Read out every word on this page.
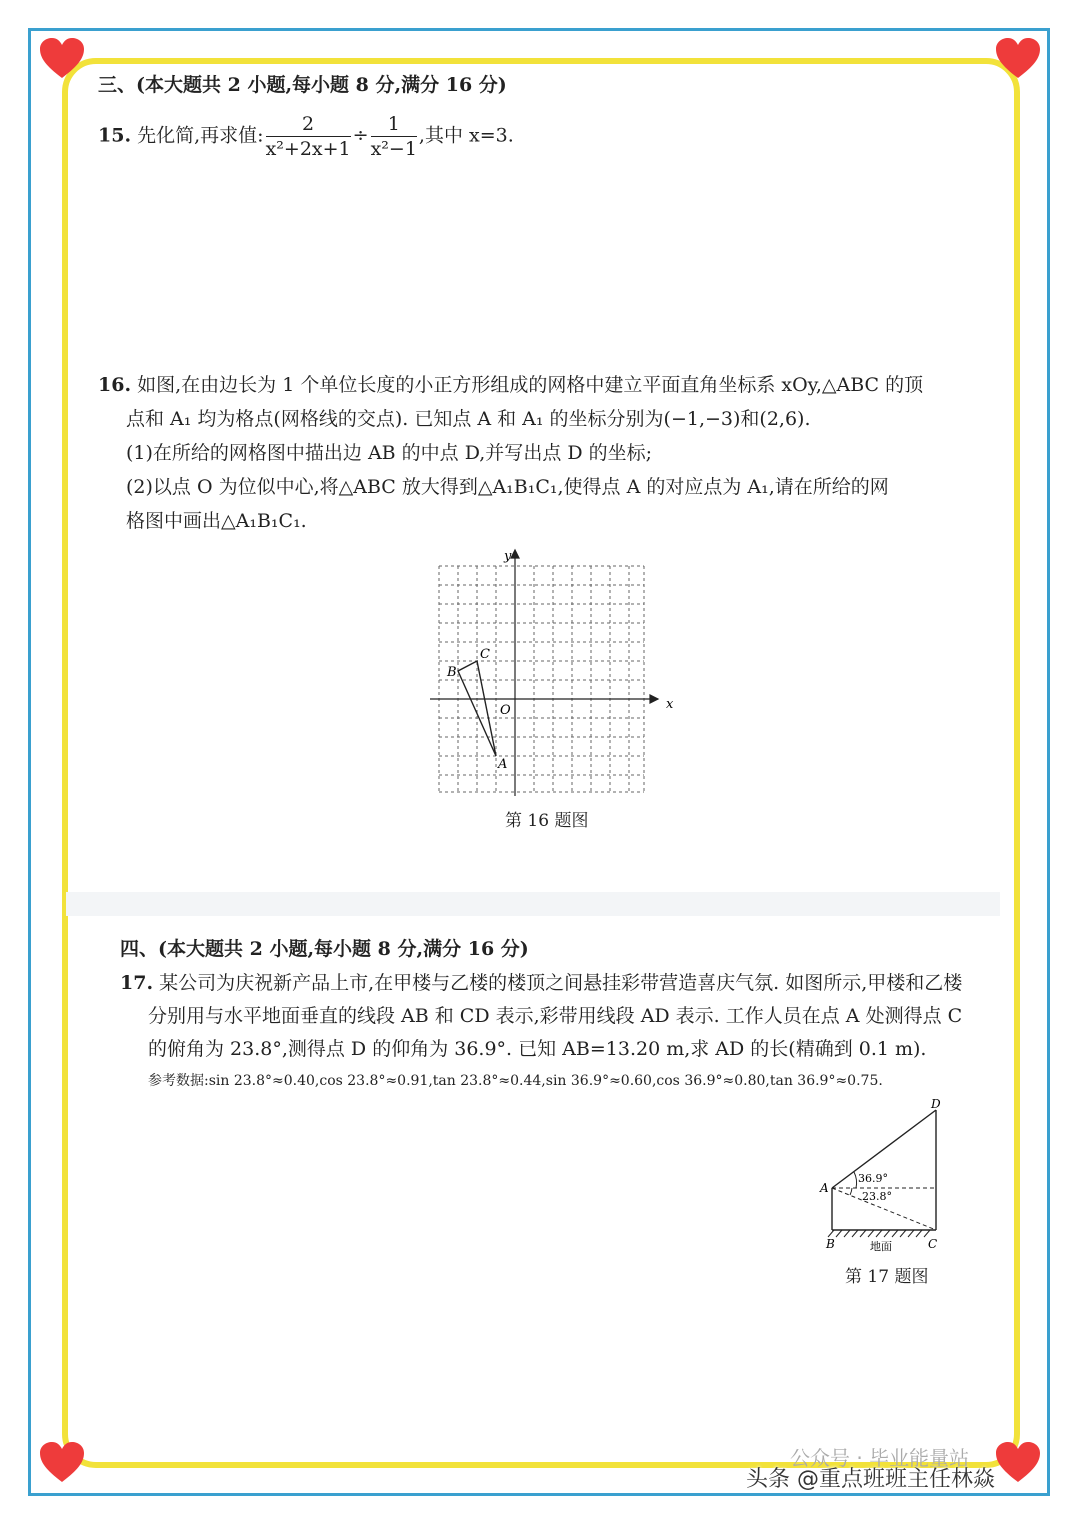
三、(本大题共 2 小题,每小题 8 分,满分 16 分)
15. 先化简,再求值: $\frac{2}{\text{x²+2x+1}} \div \frac{1}{\text{x²−1}}$ ,其中 x=3.
16. 如图,在由边长为 1 个单位长度的小正方形组成的网格中建立平面直角坐标系 xOy,△ABC 的顶
点和 A₁ 均为格点(网格线的交点). 已知点 A 和 A₁ 的坐标分别为(−1,−3)和(2,6).
(1)在所给的网格图中描出边 AB 的中点 D,并写出点 D 的坐标;
(2)以点 O 为位似中心,将△ABC 放大得到△A₁B₁C₁,使得点 A 的对应点为 A₁,请在所给的网
格图中画出△A₁B₁C₁.
x
y
O
A
B
C
第 16 题图
四、(本大题共 2 小题,每小题 8 分,满分 16 分)
17. 某公司为庆祝新产品上市,在甲楼与乙楼的楼顶之间悬挂彩带营造喜庆气氛. 如图所示,甲楼和乙楼
分别用与水平地面垂直的线段 AB 和 CD 表示,彩带用线段 AD 表示. 工作人员在点 A 处测得点 C
的俯角为 23.8°,测得点 D 的仰角为 36.9°. 已知 AB=13.20 m,求 AD 的长(精确到 0.1 m).
参考数据:sin 23.8°≈0.40,cos 23.8°≈0.91,tan 23.8°≈0.44,sin 36.9°≈0.60,cos 36.9°≈0.80,tan 36.9°≈0.75.
A
B	C
D
36.9°
23.8°
地面
第 17 题图
公众号 · 毕业能量站
头条 @重点班班主任林焱
